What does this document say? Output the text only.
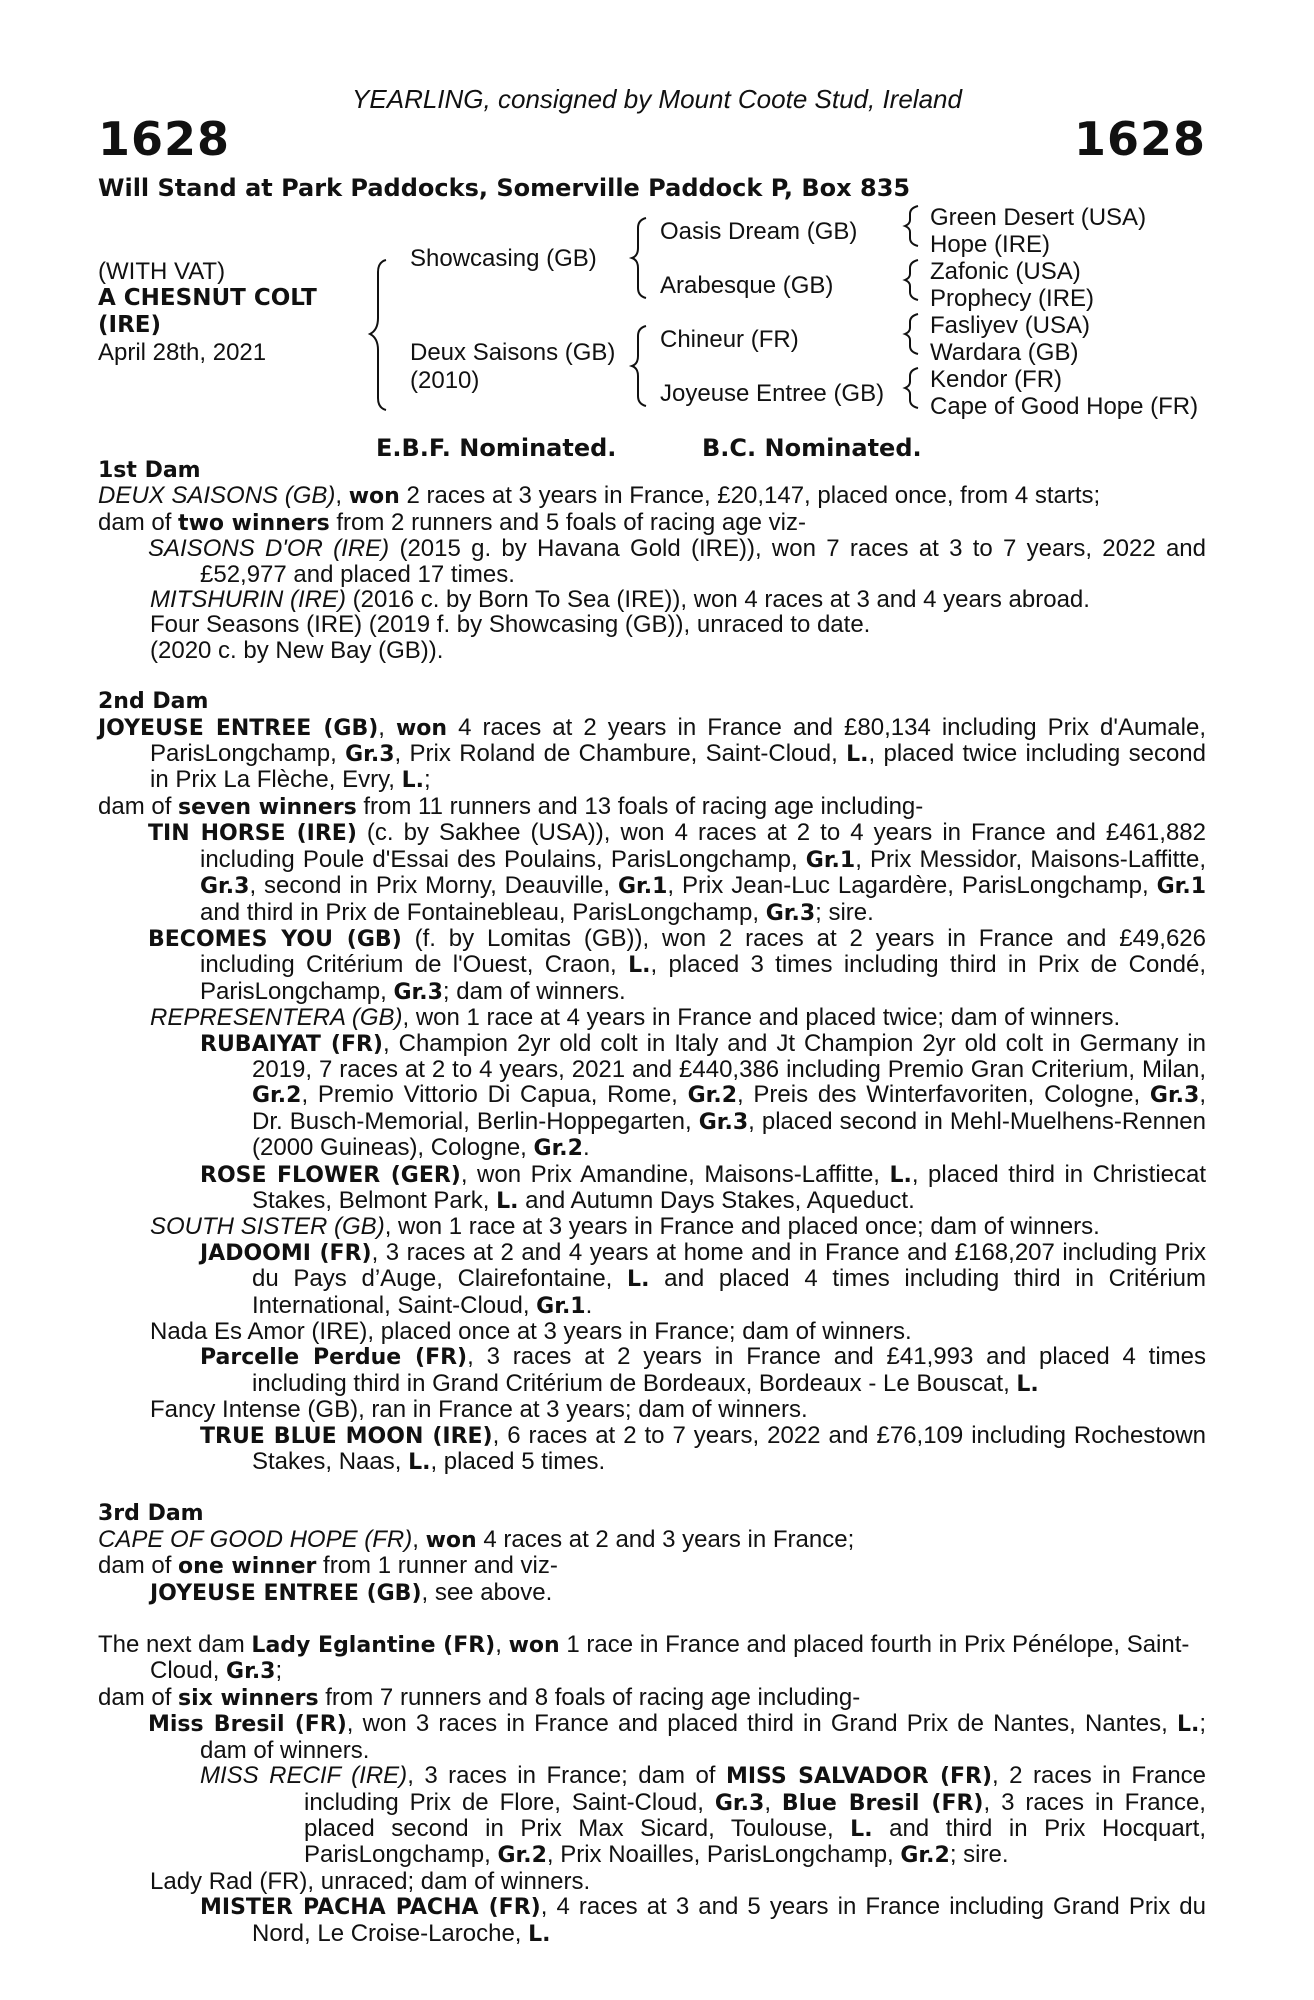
YEARLING, consigned by Mount Coote Stud, Ireland
1628	1628
Will Stand at Park Paddocks, Somerville Paddock P, Box 835
(WITH VAT)
A CHESNUT COLT
(IRE)
April 28th, 2021
Showcasing (GB)
Deux Saisons (GB)
(2010)
Oasis Dream (GB)
Arabesque (GB)
Chineur (FR)
Joyeuse Entree (GB)
Green Desert (USA)
Hope (IRE)
Zafonic (USA)
Prophecy (IRE)
Fasliyev (USA)
Wardara (GB)
Kendor (FR)
Cape of Good Hope (FR)
E.B.F. Nominated.	B.C. Nominated.

1st Dam

DEUX SAISONS (GB), won 2 races at 3 years in France, £20,147, placed once, from 4 starts;

dam of two winners from 2 runners and 5 foals of racing age viz-

SAISONS D'OR (IRE) (2015 g. by Havana Gold (IRE)), won 7 races at 3 to 7 years, 2022 and £52,977 and placed 17 times.

MITSHURIN (IRE) (2016 c. by Born To Sea (IRE)), won 4 races at 3 and 4 years abroad.

Four Seasons (IRE) (2019 f. by Showcasing (GB)), unraced to date.

(2020 c. by New Bay (GB)).

2nd Dam

JOYEUSE ENTREE (GB), won 4 races at 2 years in France and £80,134 including Prix d'Aumale, ParisLongchamp, Gr.3, Prix Roland de Chambure, Saint-Cloud, L., placed twice including second in Prix La Flèche, Evry, L.;

dam of seven winners from 11 runners and 13 foals of racing age including-

TIN HORSE (IRE) (c. by Sakhee (USA)), won 4 races at 2 to 4 years in France and £461,882 including Poule d'Essai des Poulains, ParisLongchamp, Gr.1, Prix Messidor, Maisons-Laffitte, Gr.3, second in Prix Morny, Deauville, Gr.1, Prix Jean-Luc Lagardère, ParisLongchamp, Gr.1 and third in Prix de Fontainebleau, ParisLongchamp, Gr.3; sire.

BECOMES YOU (GB) (f. by Lomitas (GB)), won 2 races at 2 years in France and £49,626 including Critérium de l'Ouest, Craon, L., placed 3 times including third in Prix de Condé, ParisLongchamp, Gr.3; dam of winners.

REPRESENTERA (GB), won 1 race at 4 years in France and placed twice; dam of winners.

RUBAIYAT (FR), Champion 2yr old colt in Italy and Jt Champion 2yr old colt in Germany in 2019, 7 races at 2 to 4 years, 2021 and £440,386 including Premio Gran Criterium, Milan, Gr.2, Premio Vittorio Di Capua, Rome, Gr.2, Preis des Winterfavoriten, Cologne, Gr.3, Dr. Busch-Memorial, Berlin-Hoppegarten, Gr.3, placed second in Mehl-Muelhens-Rennen (2000 Guineas), Cologne, Gr.2.

ROSE FLOWER (GER), won Prix Amandine, Maisons-Laffitte, L., placed third in Christiecat Stakes, Belmont Park, L. and Autumn Days Stakes, Aqueduct.

SOUTH SISTER (GB), won 1 race at 3 years in France and placed once; dam of winners.

JADOOMI (FR), 3 races at 2 and 4 years at home and in France and £168,207 including Prix du Pays d’Auge, Clairefontaine, L. and placed 4 times including third in Critérium International, Saint-Cloud, Gr.1.

Nada Es Amor (IRE), placed once at 3 years in France; dam of winners.

Parcelle Perdue (FR), 3 races at 2 years in France and £41,993 and placed 4 times including third in Grand Critérium de Bordeaux, Bordeaux - Le Bouscat, L.

Fancy Intense (GB), ran in France at 3 years; dam of winners.

TRUE BLUE MOON (IRE), 6 races at 2 to 7 years, 2022 and £76,109 including Rochestown Stakes, Naas, L., placed 5 times.

3rd Dam

CAPE OF GOOD HOPE (FR), won 4 races at 2 and 3 years in France;

dam of one winner from 1 runner and viz-

JOYEUSE ENTREE (GB), see above.

The next dam Lady Eglantine (FR), won 1 race in France and placed fourth in Prix Pénélope, Saint-Cloud, Gr.3;

dam of six winners from 7 runners and 8 foals of racing age including-

Miss Bresil (FR), won 3 races in France and placed third in Grand Prix de Nantes, Nantes, L.; dam of winners.

MISS RECIF (IRE), 3 races in France; dam of MISS SALVADOR (FR), 2 races in France including Prix de Flore, Saint-Cloud, Gr.3, Blue Bresil (FR), 3 races in France, placed second in Prix Max Sicard, Toulouse, L. and third in Prix Hocquart, ParisLongchamp, Gr.2, Prix Noailles, ParisLongchamp, Gr.2; sire.

Lady Rad (FR), unraced; dam of winners.

MISTER PACHA PACHA (FR), 4 races at 3 and 5 years in France including Grand Prix du Nord, Le Croise-Laroche, L.
